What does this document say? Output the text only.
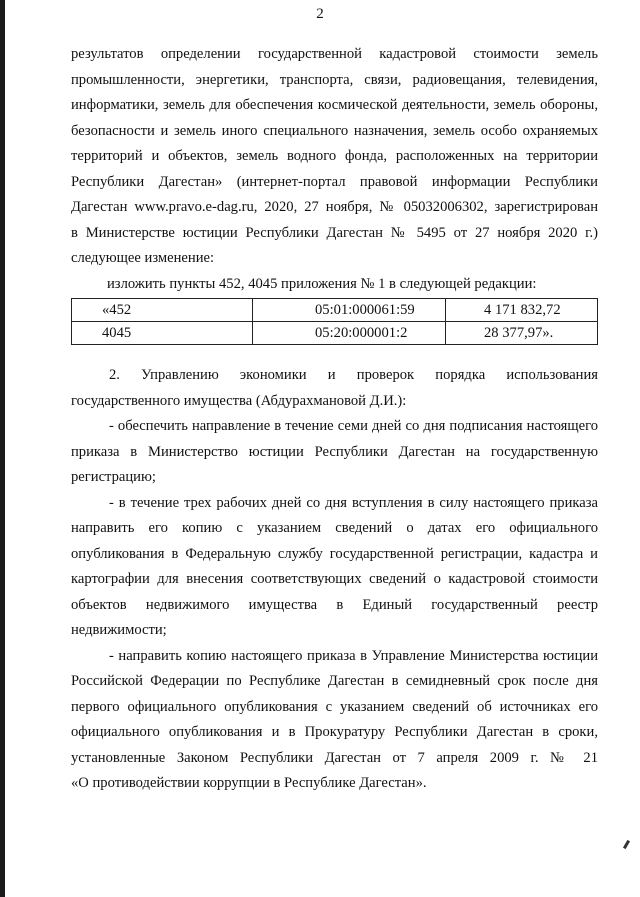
2
результатов определении государственной кадастровой стоимости земель
промышленности, энергетики, транспорта, связи, радиовещания, телевидения,
информатики, земель для обеспечения космической деятельности, земель обороны,
безопасности и земель иного специального назначения, земель особо охраняемых
территорий и объектов, земель водного фонда, расположенных на территории
Республики Дагестан» (интернет-портал правовой информации Республики
Дагестан www.pravo.e-dag.ru, 2020, 27 ноября, № 05032006302, зарегистрирован
в Министерстве юстиции Республики Дагестан № 5495 от 27 ноября 2020 г.)
следующее изменение:
изложить пункты 452, 4045 приложения № 1 в следующей редакции:
«452	05:01:000061:59	4 171 832,72
4045	05:20:000001:2	28 377,97».
2. Управлению экономики и проверок порядка использования
государственного имущества (Абдурахмановой Д.И.):
- обеспечить направление в течение семи дней со дня подписания настоящего
приказа в Министерство юстиции Республики Дагестан на государственную
регистрацию;
- в течение трех рабочих дней со дня вступления в силу настоящего приказа
направить его копию с указанием сведений о датах его официального
опубликования в Федеральную службу государственной регистрации, кадастра и
картографии для внесения соответствующих сведений о кадастровой стоимости
объектов недвижимого имущества в Единый государственный реестр
недвижимости;
- направить копию настоящего приказа в Управление Министерства юстиции
Российской Федерации по Республике Дагестан в семидневный срок после дня
первого официального опубликования с указанием сведений об источниках его
официального опубликования и в Прокуратуру Республики Дагестан в сроки,
установленные Законом Республики Дагестан от 7 апреля 2009 г. № 21
«О противодействии коррупции в Республике Дагестан».
